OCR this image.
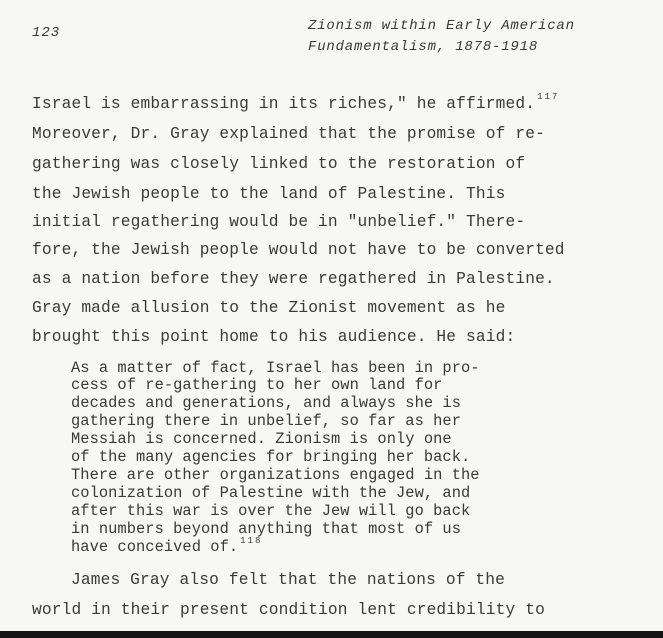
123	Zionism within Early American
Fundamentalism, 1878-1918
Israel is embarrassing in its riches," he affirmed. $^{117}$
Moreover, Dr. Gray explained that the promise of re-
gathering was closely linked to the restoration of
the Jewish people to the land of Palestine. This
initial regathering would be in "unbelief." There-
fore, the Jewish people would not have to be converted
as a nation before they were regathered in Palestine.
Gray made allusion to the Zionist movement as he
brought this point home to his audience. He said:
As a matter of fact, Israel has been in pro-
cess of re-gathering to her own land for
decades and generations, and always she is
gathering there in unbelief, so far as her
Messiah is concerned. Zionism is only one
of the many agencies for bringing her back.
There are other organizations engaged in the
colonization of Palestine with the Jew, and
after this war is over the Jew will go back
in numbers beyond anything that most of us
have conceived of. $^{118}$
James Gray also felt that the nations of the
world in their present condition lent credibility to
